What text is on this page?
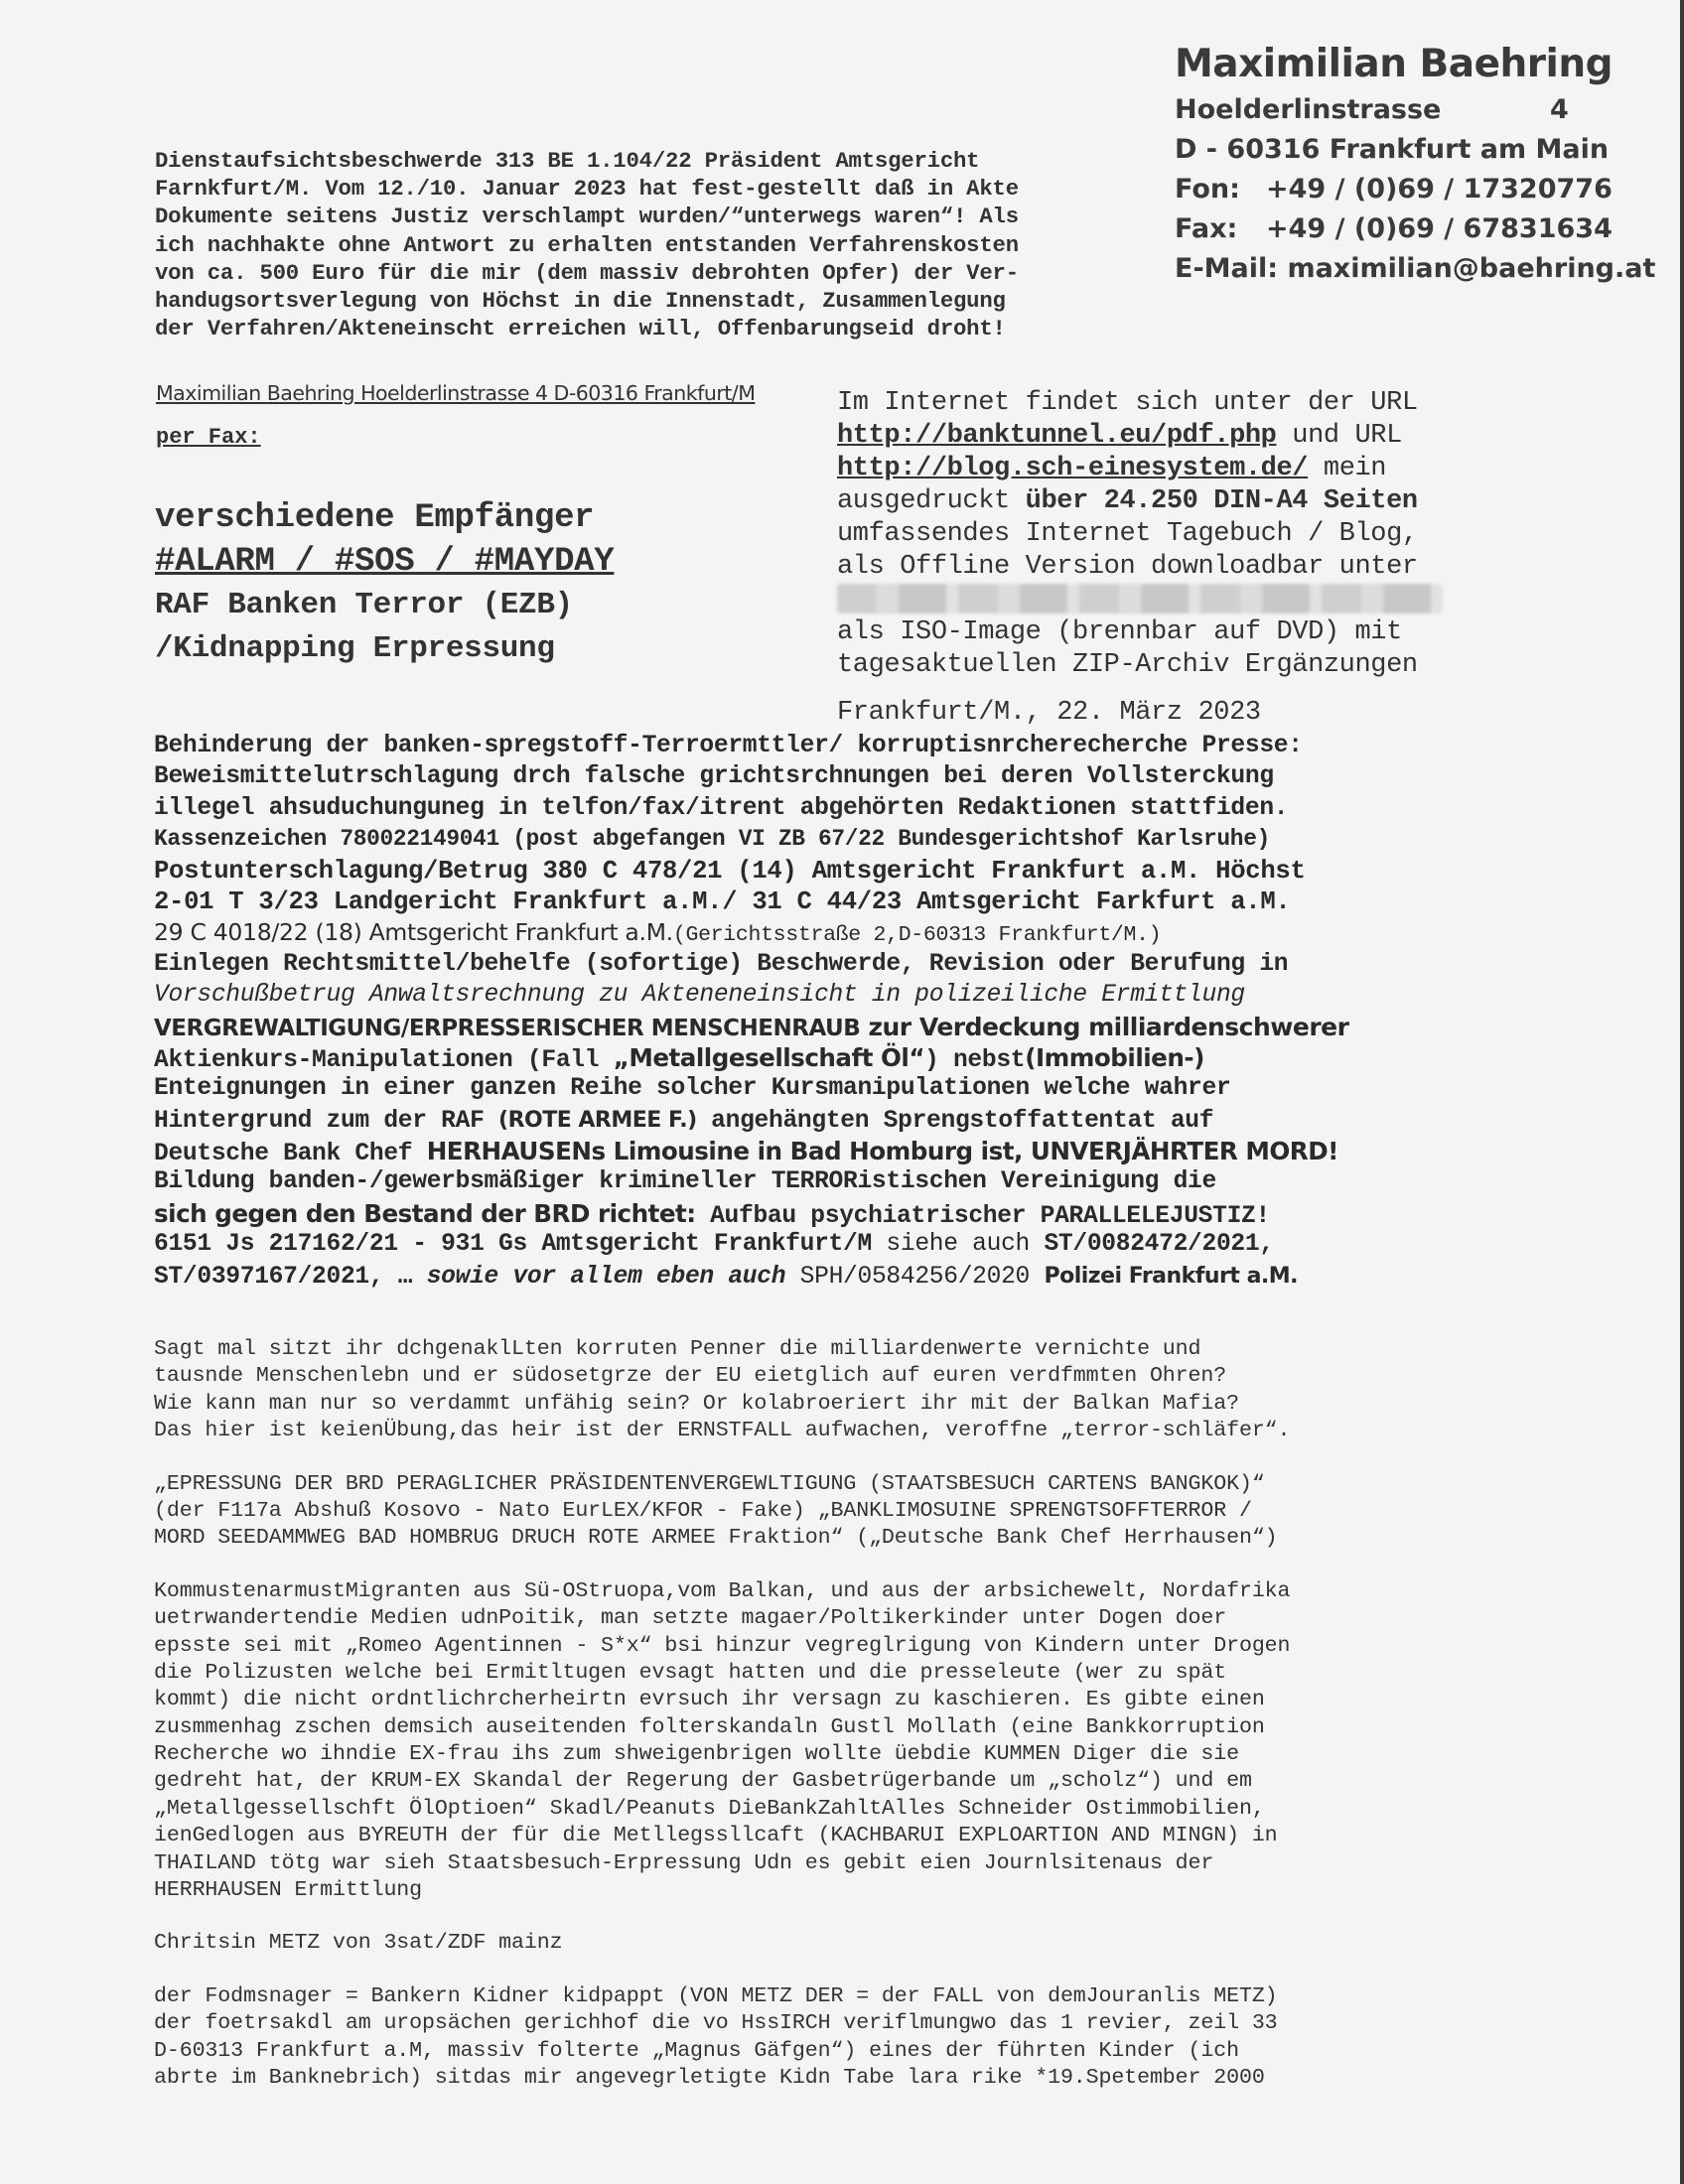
Maximilian Baehring
Hoelderlinstrasse	4
D - 60316 Frankfurt am Main
Fon: +49 / (0)69 / 17320776
Fax: +49 / (0)69 / 67831634
E-Mail: maximilian@baehring.at
Dienstaufsichtsbeschwerde 313 BE 1.104/22 Präsident Amtsgericht
Farnkfurt/M. Vom 12./10. Januar 2023 hat fest-gestellt daß in Akte
Dokumente seitens Justiz verschlampt wurden/“unterwegs waren“! Als
ich nachhakte ohne Antwort zu erhalten entstanden Verfahrenskosten
von ca. 500 Euro für die mir (dem massiv debrohten Opfer) der Ver-
handugsortsverlegung von Höchst in die Innenstadt, Zusammenlegung
der Verfahren/Akteneinscht erreichen will, Offenbarungseid droht!
Maximilian Baehring Hoelderlinstrasse 4 D-60316 Frankfurt/M
per Fax:
verschiedene Empfänger
#ALARM / #SOS / #MAYDAY
RAF Banken Terror (EZB)
/Kidnapping Erpressung
Im Internet findet sich unter der URL
http://banktunnel.eu/pdf.php und URL
http://blog.sch-einesystem.de/ mein
ausgedruckt über 24.250 DIN-A4 Seiten
umfassendes Internet Tagebuch / Blog,
als Offline Version downloadbar unter
als ISO-Image (brennbar auf DVD) mit
tagesaktuellen ZIP-Archiv Ergänzungen
Frankfurt/M., 22. März 2023
Behinderung der banken-spregstoff-Terroermttler/ korruptisnrcherecherche Presse:
Beweismittelutrschlagung drch falsche grichtsrchnungen bei deren Vollsterckung
illegel ahsuduchunguneg in telfon/fax/itrent abgehörten Redaktionen stattfiden.
Kassenzeichen 780022149041 (post abgefangen VI ZB 67/22 Bundesgerichtshof Karlsruhe)
Postunterschlagung/Betrug 380 C 478/21 (14) Amtsgericht Frankfurt a.M. Höchst
2-01 T 3/23 Landgericht Frankfurt a.M./ 31 C 44/23 Amtsgericht Farkfurt a.M.
29 C 4018/22 (18) Amtsgericht Frankfurt a.M.(Gerichtsstraße 2,D-60313 Frankfurt/M.)
Einlegen Rechtsmittel/behelfe (sofortige) Beschwerde, Revision oder Berufung in
Vorschußbetrug Anwaltsrechnung zu Akteneneinsicht in polizeiliche Ermittlung
VERGREWALTIGUNG/ERPRESSERISCHER MENSCHENRAUB zur Verdeckung milliardenschwerer
Aktienkurs-Manipulationen (Fall „Metallgesellschaft Öl“) nebst(Immobilien-)
Enteignungen in einer ganzen Reihe solcher Kursmanipulationen welche wahrer
Hintergrund zum der RAF (ROTE ARMEE F.) angehängten Sprengstoffattentat auf
Deutsche Bank Chef HERHAUSENs Limousine in Bad Homburg ist, UNVERJÄHRTER MORD!
Bildung banden-/gewerbsmäßiger krimineller TERRORistischen Vereinigung die
sich gegen den Bestand der BRD richtet: Aufbau psychiatrischer PARALLELEJUSTIZ!
6151 Js 217162/21 - 931 Gs Amtsgericht Frankfurt/M siehe auch ST/0082472/2021,
ST/0397167/2021, … sowie vor allem eben auch SPH/0584256/2020 Polizei Frankfurt a.M.
Sagt mal sitzt ihr dchgenaklLten korruten Penner die milliardenwerte vernichte und
tausnde Menschenlebn und er südosetgrze der EU eietglich auf euren verdfmmten Ohren?
Wie kann man nur so verdammt unfähig sein? Or kolabroeriert ihr mit der Balkan Mafia?
Das hier ist keienÜbung,das heir ist der ERNSTFALL aufwachen, veroffne „terror-schläfer“.
„EPRESSUNG DER BRD PERAGLICHER PRÄSIDENTENVERGEWLTIGUNG (STAATSBESUCH CARTENS BANGKOK)“
(der F117a Abshuß Kosovo - Nato EurLEX/KFOR - Fake) „BANKLIMOSUINE SPRENGTSOFFTERROR /
MORD SEEDAMMWEG BAD HOMBRUG DRUCH ROTE ARMEE Fraktion“ („Deutsche Bank Chef Herrhausen“)
KommustenarmustMigranten aus Sü-OStruopa,vom Balkan, und aus der arbsichewelt, Nordafrika
uetrwandertendie Medien udnPoitik, man setzte magaer/Poltikerkinder unter Dogen doer
epsste sei mit „Romeo Agentinnen - S*x“ bsi hinzur vegreglrigung von Kindern unter Drogen
die Polizusten welche bei Ermitltugen evsagt hatten und die presseleute (wer zu spät
kommt) die nicht ordntlichrcherheirtn evrsuch ihr versagn zu kaschieren. Es gibte einen
zusmmenhag zschen demsich auseitenden folterskandaln Gustl Mollath (eine Bankkorruption
Recherche wo ihndie EX-frau ihs zum shweigenbrigen wollte üebdie KUMMEN Diger die sie
gedreht hat, der KRUM-EX Skandal der Regerung der Gasbetrügerbande um „scholz“) und em
„Metallgessellschft ÖlOptioen“ Skadl/Peanuts DieBankZahltAlles Schneider Ostimmobilien,
ienGedlogen aus BYREUTH der für die Metllegssllcaft (KACHBARUI EXPLOARTION AND MINGN) in
THAILAND tötg war sieh Staatsbesuch-Erpressung Udn es gebit eien Journlsitenaus der
HERRHAUSEN Ermittlung
Chritsin METZ von 3sat/ZDF mainz
der Fodmsnager = Bankern Kidner kidpappt (VON METZ DER = der FALL von demJouranlis METZ)
der foetrsakdl am uropsächen gerichhof die vo HssIRCH veriflmungwo das 1 revier, zeil 33
D-60313 Frankfurt a.M, massiv folterte „Magnus Gäfgen“) eines der führten Kinder (ich
abrte im Banknebrich) sitdas mir angevegrletigte Kidn Tabe lara rike *19.Spetember 2000
